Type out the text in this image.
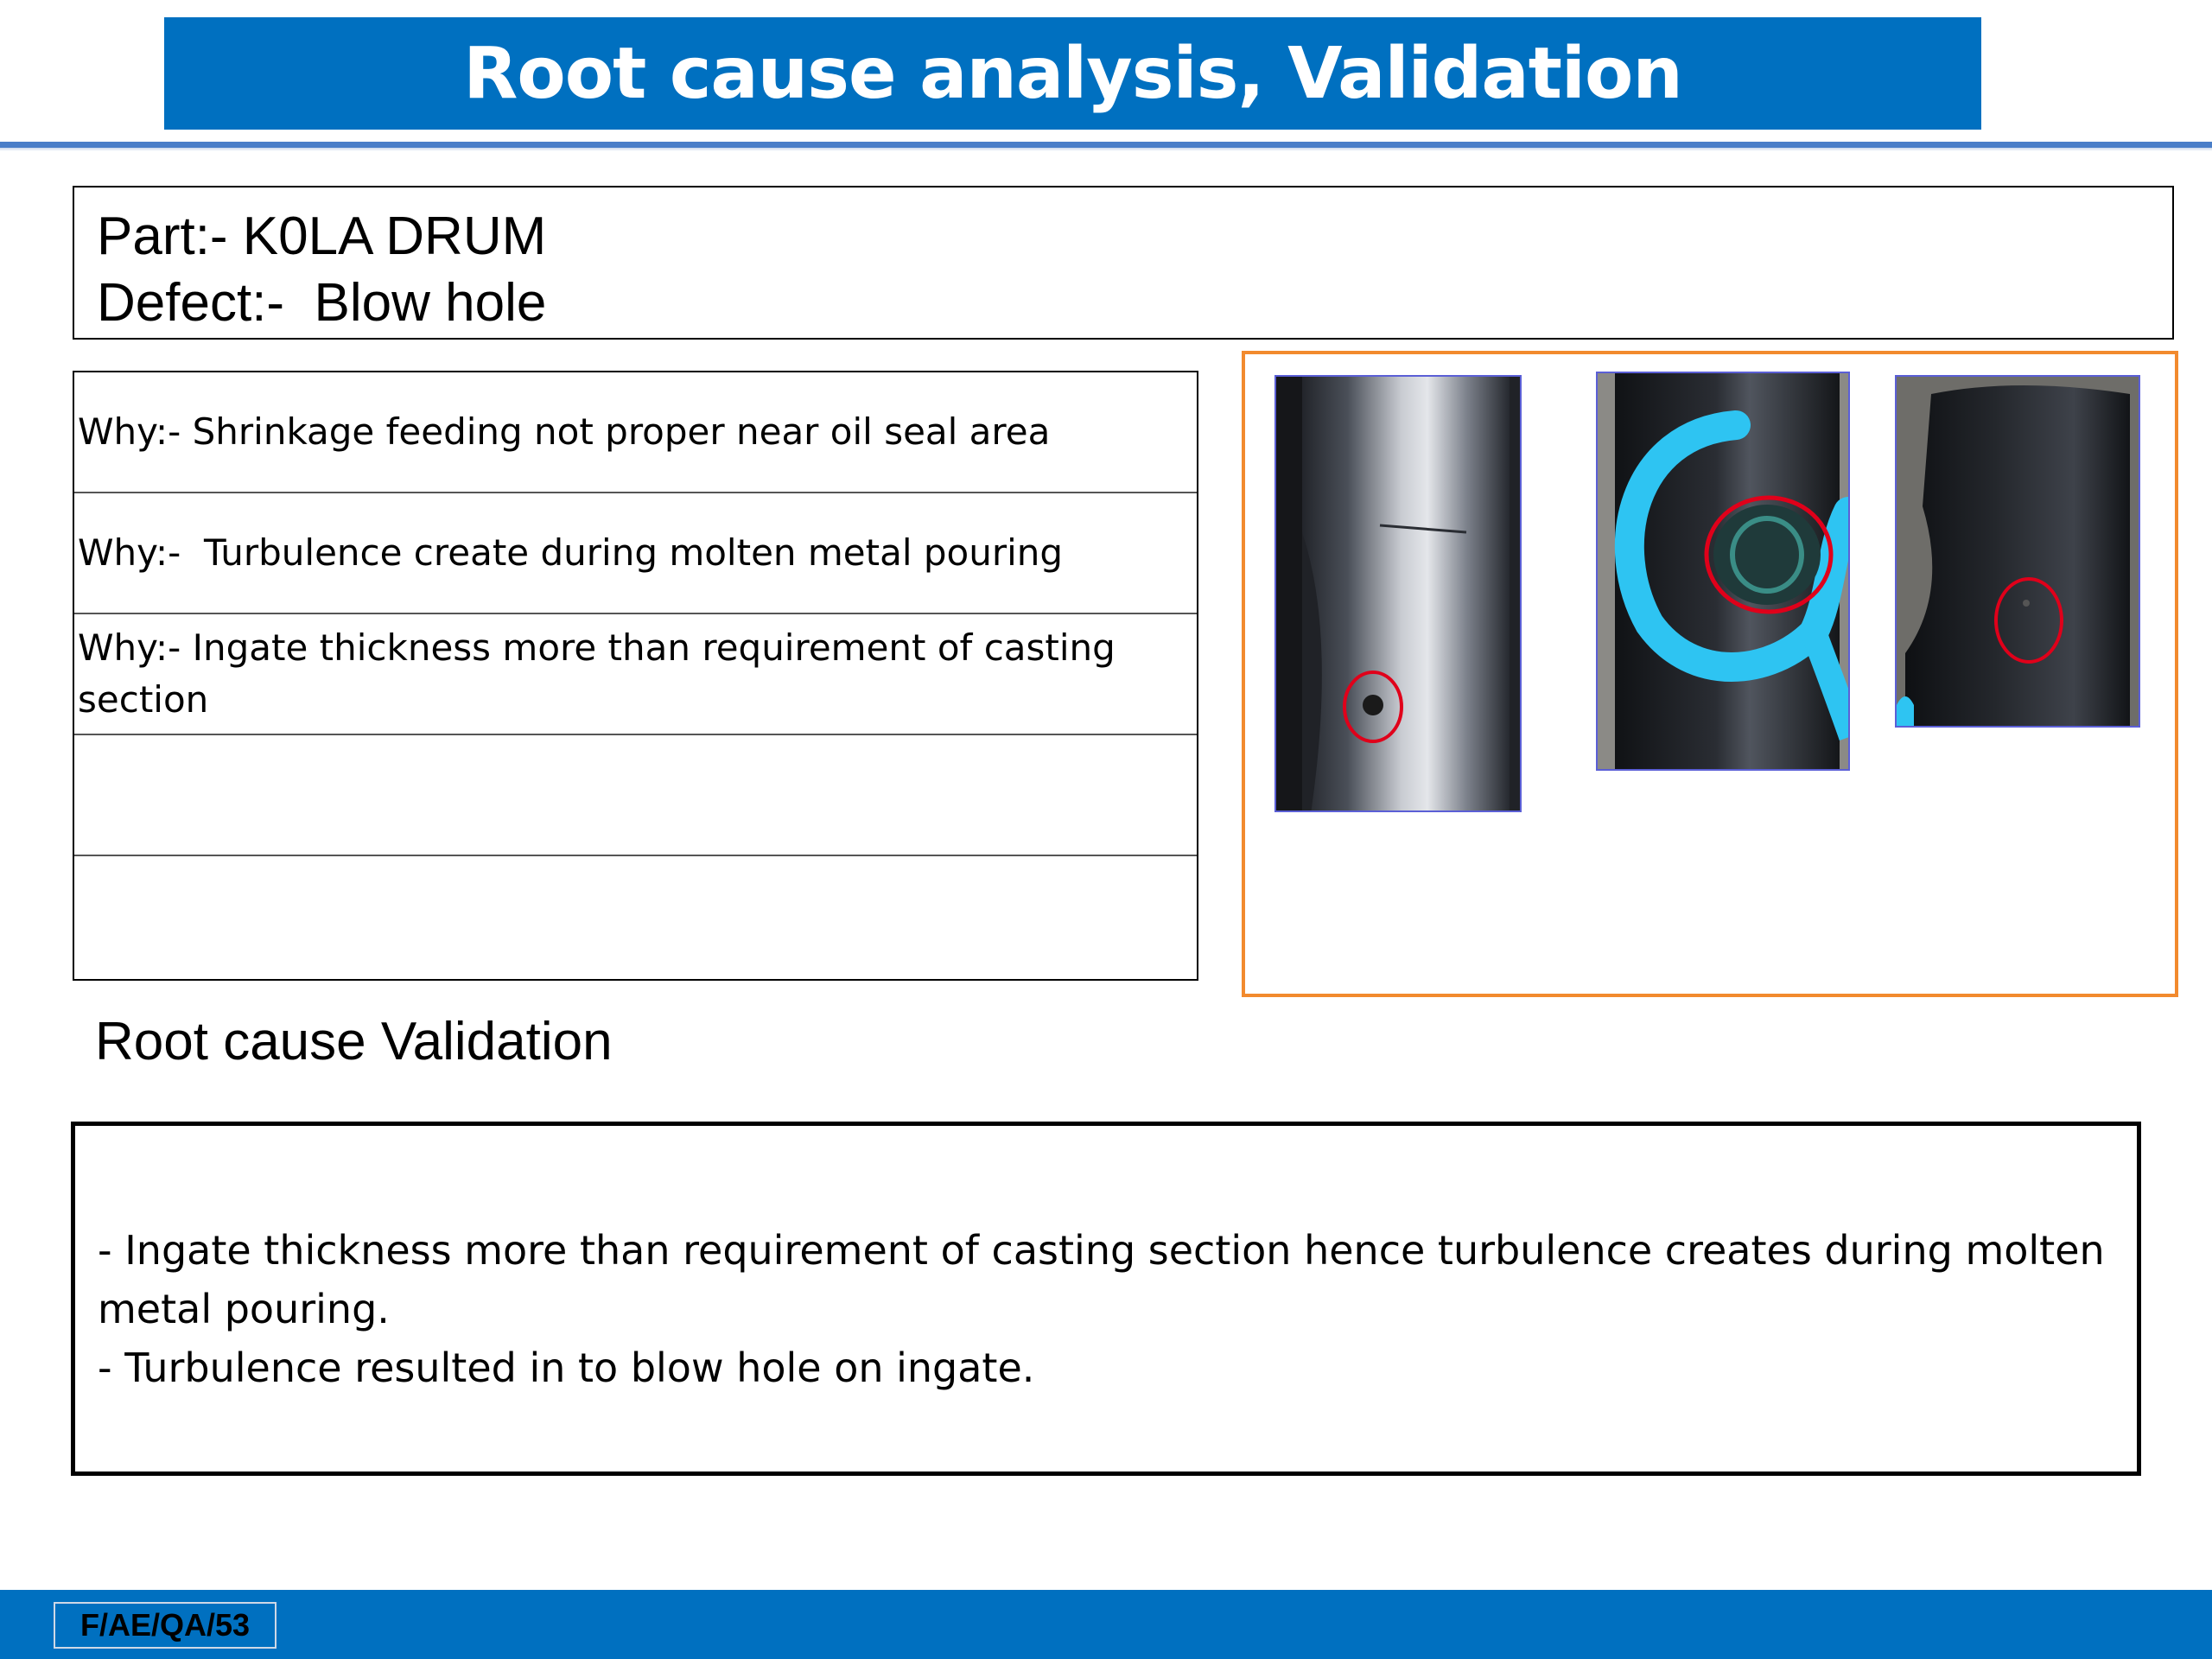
Root cause analysis, Validation
Part:- K0LA DRUM
Defect:-  Blow hole
Why:- Shrinkage feeding not proper near oil seal area
Why:-  Turbulence create during molten metal pouring
Why:- Ingate thickness more than requirement of casting section
Root cause Validation
- Ingate thickness more than requirement of casting section hence turbulence creates during molten metal pouring.
- Turbulence resulted in to blow hole on ingate.
F/AE/QA/53
